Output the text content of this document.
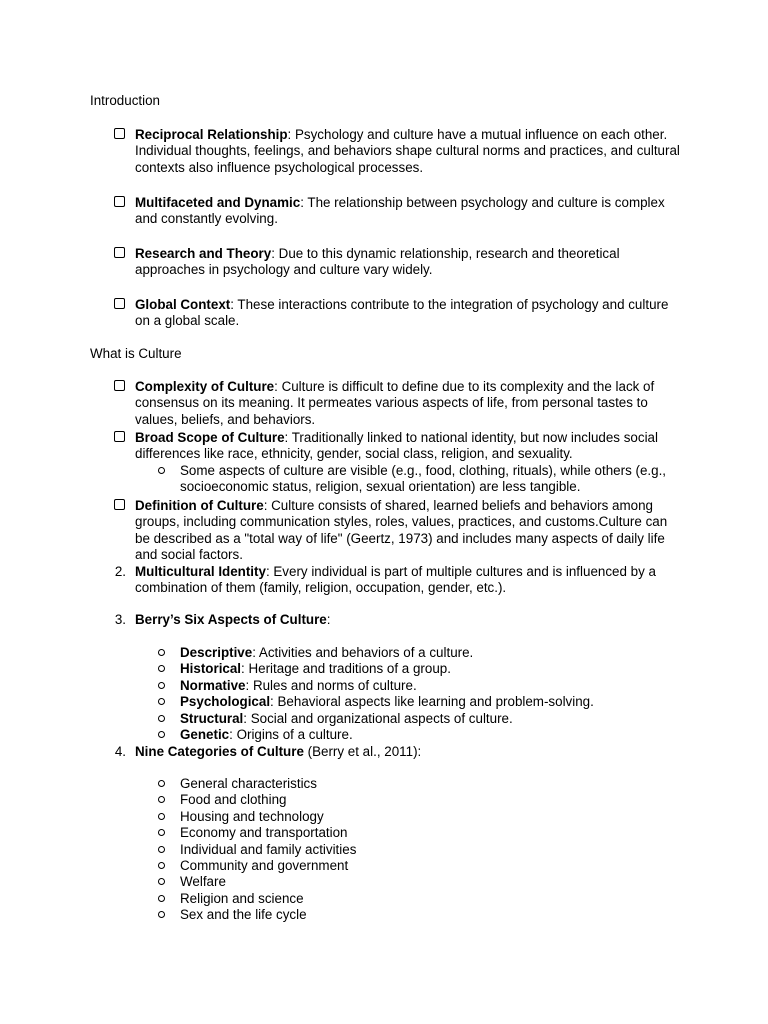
Introduction
Reciprocal Relationship: Psychology and culture have a mutual influence on each other. Individual thoughts, feelings, and behaviors shape cultural norms and practices, and cultural contexts also influence psychological processes.
Multifaceted and Dynamic: The relationship between psychology and culture is complex and constantly evolving.
Research and Theory: Due to this dynamic relationship, research and theoretical approaches in psychology and culture vary widely.
Global Context: These interactions contribute to the integration of psychology and culture on a global scale.
What is Culture
Complexity of Culture: Culture is difficult to define due to its complexity and the lack of consensus on its meaning. It permeates various aspects of life, from personal tastes to values, beliefs, and behaviors.
Broad Scope of Culture: Traditionally linked to national identity, but now includes social differences like race, ethnicity, gender, social class, religion, and sexuality.
Some aspects of culture are visible (e.g., food, clothing, rituals), while others (e.g., socioeconomic status, religion, sexual orientation) are less tangible.
Definition of Culture: Culture consists of shared, learned beliefs and behaviors among groups, including communication styles, roles, values, practices, and customs.Culture can be described as a "total way of life" (Geertz, 1973) and includes many aspects of daily life and social factors.
2. Multicultural Identity: Every individual is part of multiple cultures and is influenced by a combination of them (family, religion, occupation, gender, etc.).
3. Berry’s Six Aspects of Culture:
Descriptive: Activities and behaviors of a culture.
Historical: Heritage and traditions of a group.
Normative: Rules and norms of culture.
Psychological: Behavioral aspects like learning and problem-solving.
Structural: Social and organizational aspects of culture.
Genetic: Origins of a culture.
4. Nine Categories of Culture (Berry et al., 2011):
General characteristics
Food and clothing
Housing and technology
Economy and transportation
Individual and family activities
Community and government
Welfare
Religion and science
Sex and the life cycle
